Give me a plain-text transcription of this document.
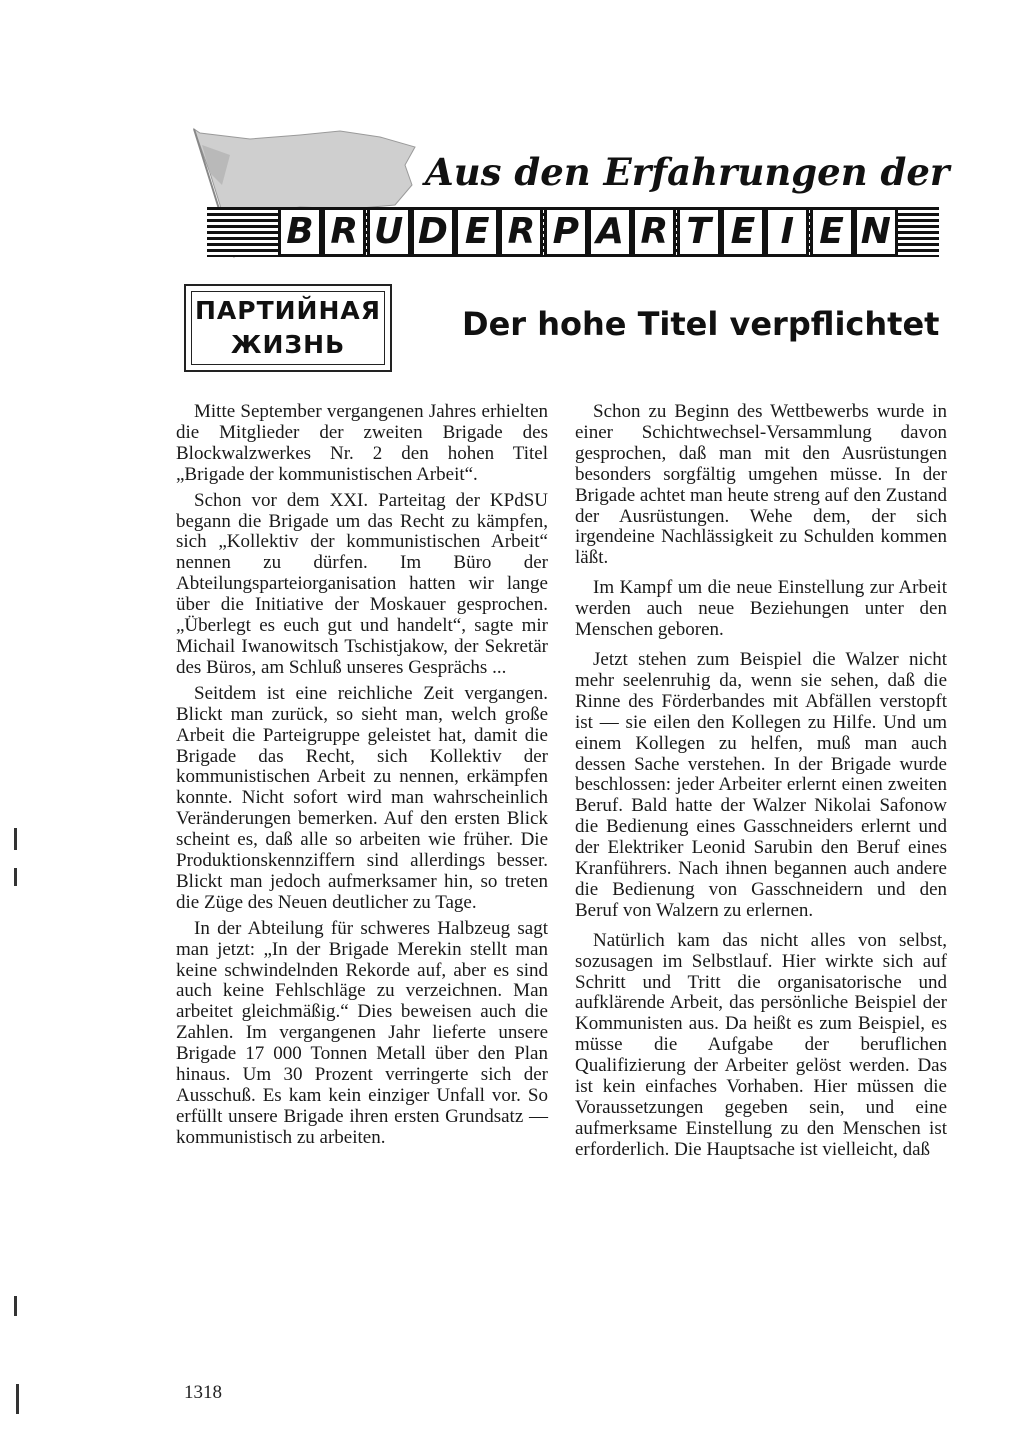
Aus den Erfahrungen der
B R U D E R P A R T E I E N
ПАРТИЙНАЯ
ЖИЗНЬ
Der hohe Titel verpflichtet

Mitte September vergangenen Jahres erhielten die Mitglieder der zweiten Brigade des Blockwalzwerkes Nr. 2 den hohen Titel „Brigade der kommunistischen Arbeit“.

Schon vor dem XXI. Parteitag der KPdSU begann die Brigade um das Recht zu kämpfen, sich „Kollektiv der kommunistischen Arbeit“ nennen zu dürfen. Im Büro der Abteilungsparteiorganisation hatten wir lange über die Initiative der Moskauer gesprochen. „Überlegt es euch gut und handelt“, sagte mir Michail Iwanowitsch Tschistjakow, der Sekretär des Büros, am Schluß unseres Gesprächs ...

Seitdem ist eine reichliche Zeit vergangen. Blickt man zurück, so sieht man, welch große Arbeit die Parteigruppe geleistet hat, damit die Brigade das Recht, sich Kollektiv der kommunistischen Arbeit zu nennen, erkämpfen konnte. Nicht sofort wird man wahrscheinlich Veränderungen bemerken. Auf den ersten Blick scheint es, daß alle so arbeiten wie früher. Die Produktionskennziffern sind allerdings besser. Blickt man jedoch aufmerksamer hin, so treten die Züge des Neuen deutlicher zu Tage.

In der Abteilung für schweres Halbzeug sagt man jetzt: „In der Brigade Merekin stellt man keine schwindelnden Rekorde auf, aber es sind auch keine Fehlschläge zu verzeichnen. Man arbeitet gleichmäßig.“ Dies beweisen auch die Zahlen. Im vergangenen Jahr lieferte unsere Brigade 17 000 Tonnen Metall über den Plan hinaus. Um 30 Prozent verringerte sich der Ausschuß. Es kam kein einziger Unfall vor. So erfüllt unsere Brigade ihren ersten Grundsatz — kommunistisch zu arbeiten.

Schon zu Beginn des Wettbewerbs wurde in einer Schichtwechsel-Versammlung davon gesprochen, daß man mit den Ausrüstungen besonders sorgfältig umgehen müsse. In der Brigade achtet man heute streng auf den Zustand der Ausrüstungen. Wehe dem, der sich irgendeine Nachlässigkeit zu Schulden kommen läßt.

Im Kampf um die neue Einstellung zur Arbeit werden auch neue Beziehungen unter den Menschen geboren.

Jetzt stehen zum Beispiel die Walzer nicht mehr seelenruhig da, wenn sie sehen, daß die Rinne des Förderbandes mit Abfällen verstopft ist — sie eilen den Kollegen zu Hilfe. Und um einem Kollegen zu helfen, muß man auch dessen Sache verstehen. In der Brigade wurde beschlossen: jeder Arbeiter erlernt einen zweiten Beruf. Bald hatte der Walzer Nikolai Safonow die Bedienung eines Gasschneiders erlernt und der Elektriker Leonid Sarubin den Beruf eines Kranführers. Nach ihnen begannen auch andere die Bedienung von Gasschneidern und den Beruf von Walzern zu erlernen.

Natürlich kam das nicht alles von selbst, sozusagen im Selbstlauf. Hier wirkte sich auf Schritt und Tritt die organisatorische und aufklärende Arbeit, das persönliche Beispiel der Kommunisten aus. Da heißt es zum Beispiel, es müsse die Aufgabe der beruflichen Qualifizierung der Arbeiter gelöst werden. Das ist kein einfaches Vorhaben. Hier müssen die Voraussetzungen gegeben sein, und eine aufmerksame Einstellung zu den Menschen ist erforderlich. Die Hauptsache ist vielleicht, daß

1318
